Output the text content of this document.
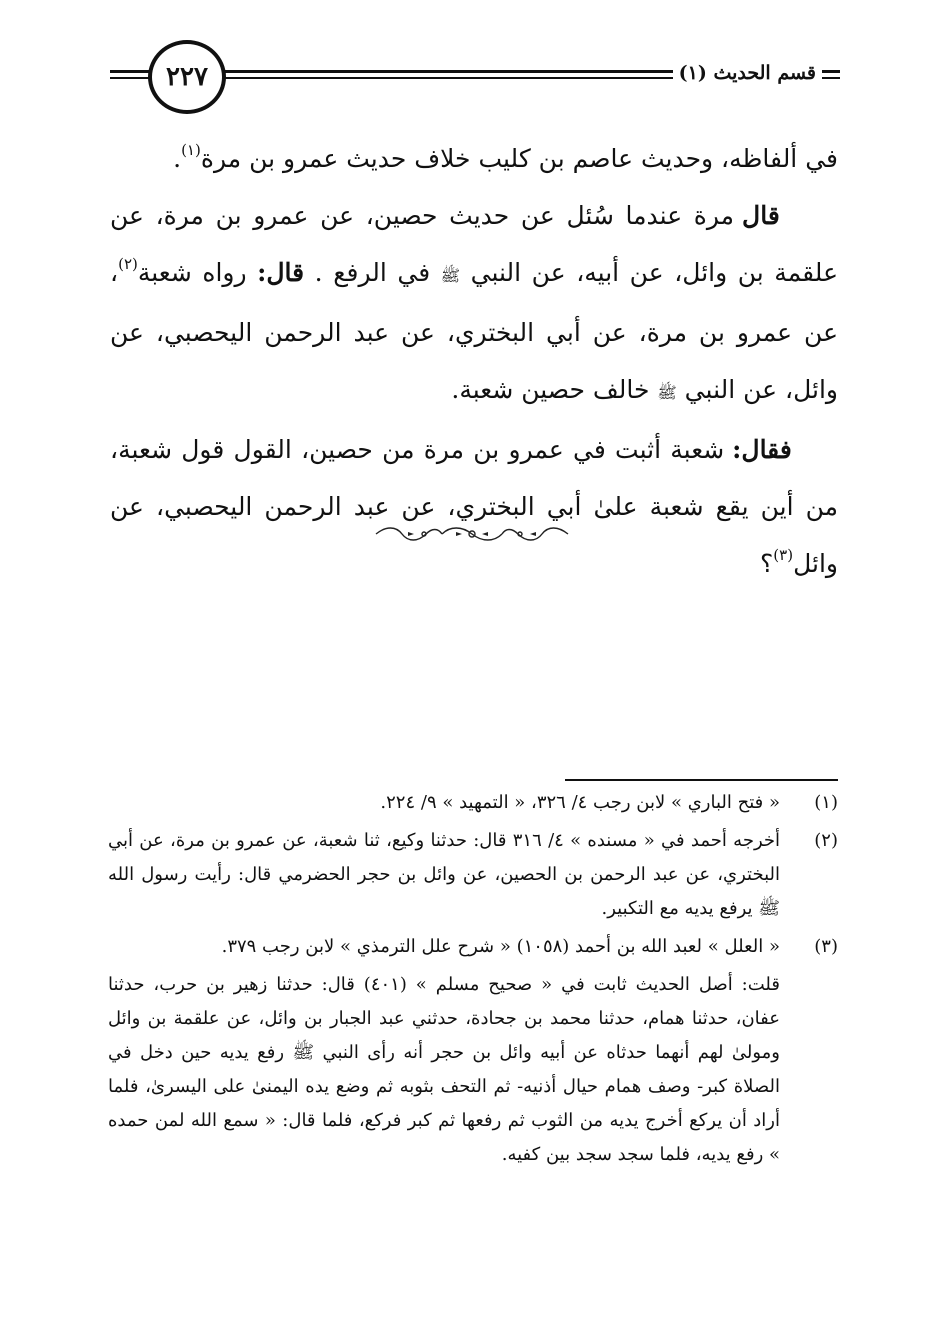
قسم الحديث (١)
٢٢٧

في ألفاظه، وحديث عاصم بن كليب خلاف حديث عمرو بن مرة$^{(١)}$.

قال مرة عندما سُئل عن حديث حصين، عن عمرو بن مرة، عن علقمة بن وائل، عن أبيه، عن النبي ﷺ في الرفع . قال: رواه شعبة$^{(٢)}$، عن عمرو بن مرة، عن أبي البختري، عن عبد الرحمن اليحصبي، عن وائل، عن النبي ﷺ خالف حصين شعبة.

فقال: شعبة أثبت في عمرو بن مرة من حصين، القول قول شعبة، من أين يقع شعبة علىٰ أبي البختري، عن عبد الرحمن اليحصبي، عن وائل$^{(٣)}$؟

(١)
« فتح الباري » لابن رجب ٤/ ٣٢٦، « التمهيد » ٩/ ٢٢٤.
(٢)
أخرجه أحمد في « مسنده » ٤/ ٣١٦ قال: حدثنا وكيع، ثنا شعبة، عن عمرو بن مرة، عن أبي البختري، عن عبد الرحمن بن الحصين، عن وائل بن حجر الحضرمي قال: رأيت رسول الله ﷺ يرفع يديه مع التكبير.
(٣)
« العلل » لعبد الله بن أحمد (١٠٥٨) « شرح علل الترمذي » لابن رجب ٣٧٩.

قلت: أصل الحديث ثابت في « صحيح مسلم » (٤٠١) قال: حدثنا زهير بن حرب، حدثنا عفان، حدثنا همام، حدثنا محمد بن جحادة، حدثني عبد الجبار بن وائل، عن علقمة بن وائل ومولىٰ لهم أنهما حدثاه عن أبيه وائل بن حجر أنه رأى النبي ﷺ رفع يديه حين دخل في الصلاة كبر- وصف همام حيال أذنيه- ثم التحف بثوبه ثم وضع يده اليمنىٰ على اليسرىٰ، فلما أراد أن يركع أخرج يديه من الثوب ثم رفعها ثم كبر فركع، فلما قال: « سمع الله لمن حمده » رفع يديه، فلما سجد سجد بين كفيه.
